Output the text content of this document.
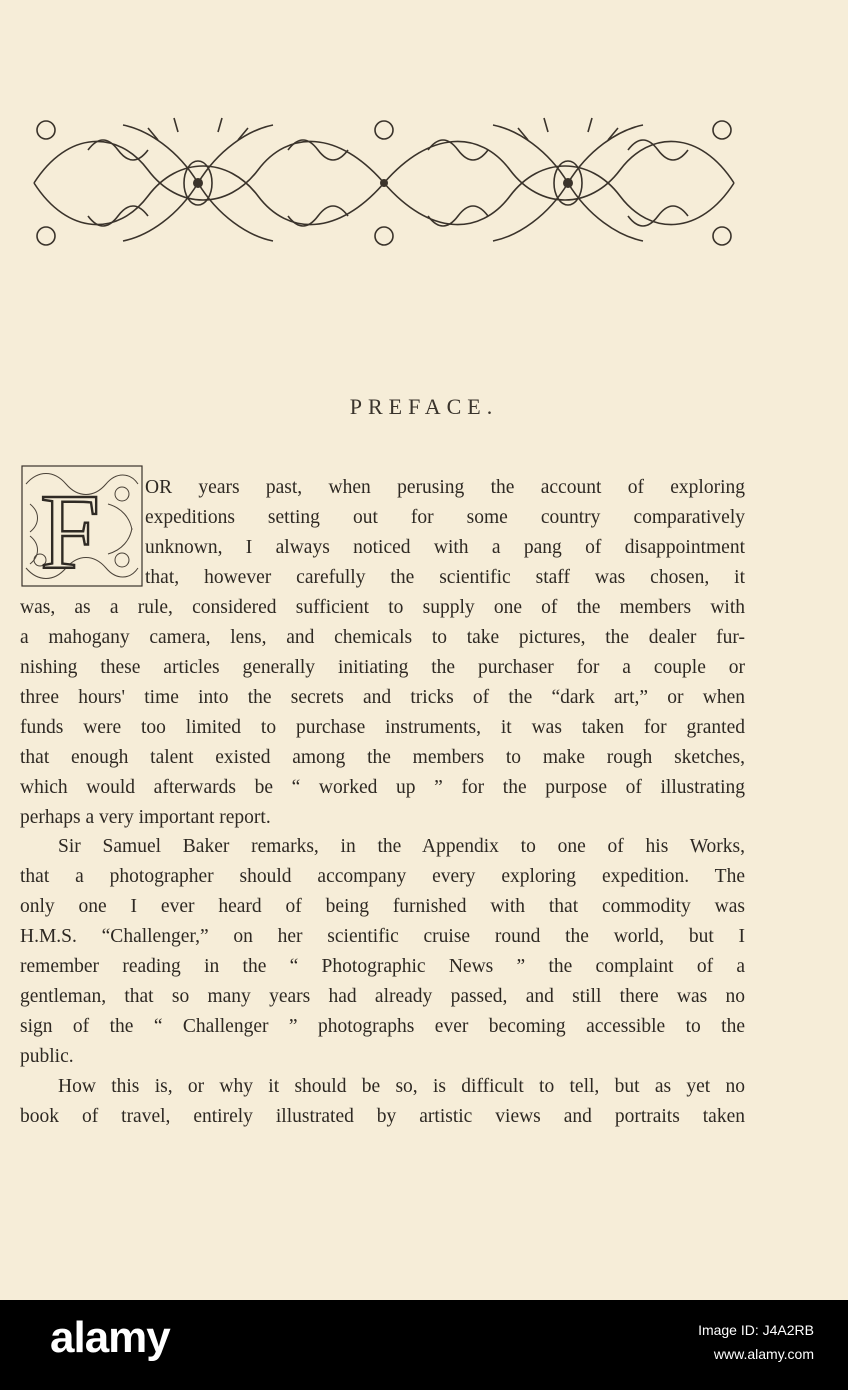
PREFACE.
F OR years past, when perusing the account of exploring
expeditions setting out for some country comparatively
unknown, I always noticed with a pang of disappointment
that, however carefully the scientific staff was chosen, it
was, as a rule, considered sufficient to supply one of the members with
a mahogany camera, lens, and chemicals to take pictures, the dealer fur-
nishing these articles generally initiating the purchaser for a couple or
three hours' time into the secrets and tricks of the “dark art,” or when
funds were too limited to purchase instruments, it was taken for granted
that enough talent existed among the members to make rough sketches,
which would afterwards be “ worked up ” for the purpose of illustrating
perhaps a very important report.
Sir Samuel Baker remarks, in the Appendix to one of his Works,
that a photographer should accompany every exploring expedition. The
only one I ever heard of being furnished with that commodity was
H.M.S. “Challenger,” on her scientific cruise round the world, but I
remember reading in the “ Photographic News ” the complaint of a
gentleman, that so many years had already passed, and still there was no
sign of the “ Challenger ” photographs ever becoming accessible to the
public.
How this is, or why it should be so, is difficult to tell, but as yet no
book of travel, entirely illustrated by artistic views and portraits taken
alamy	Image ID: J4A2RB
www.alamy.com
